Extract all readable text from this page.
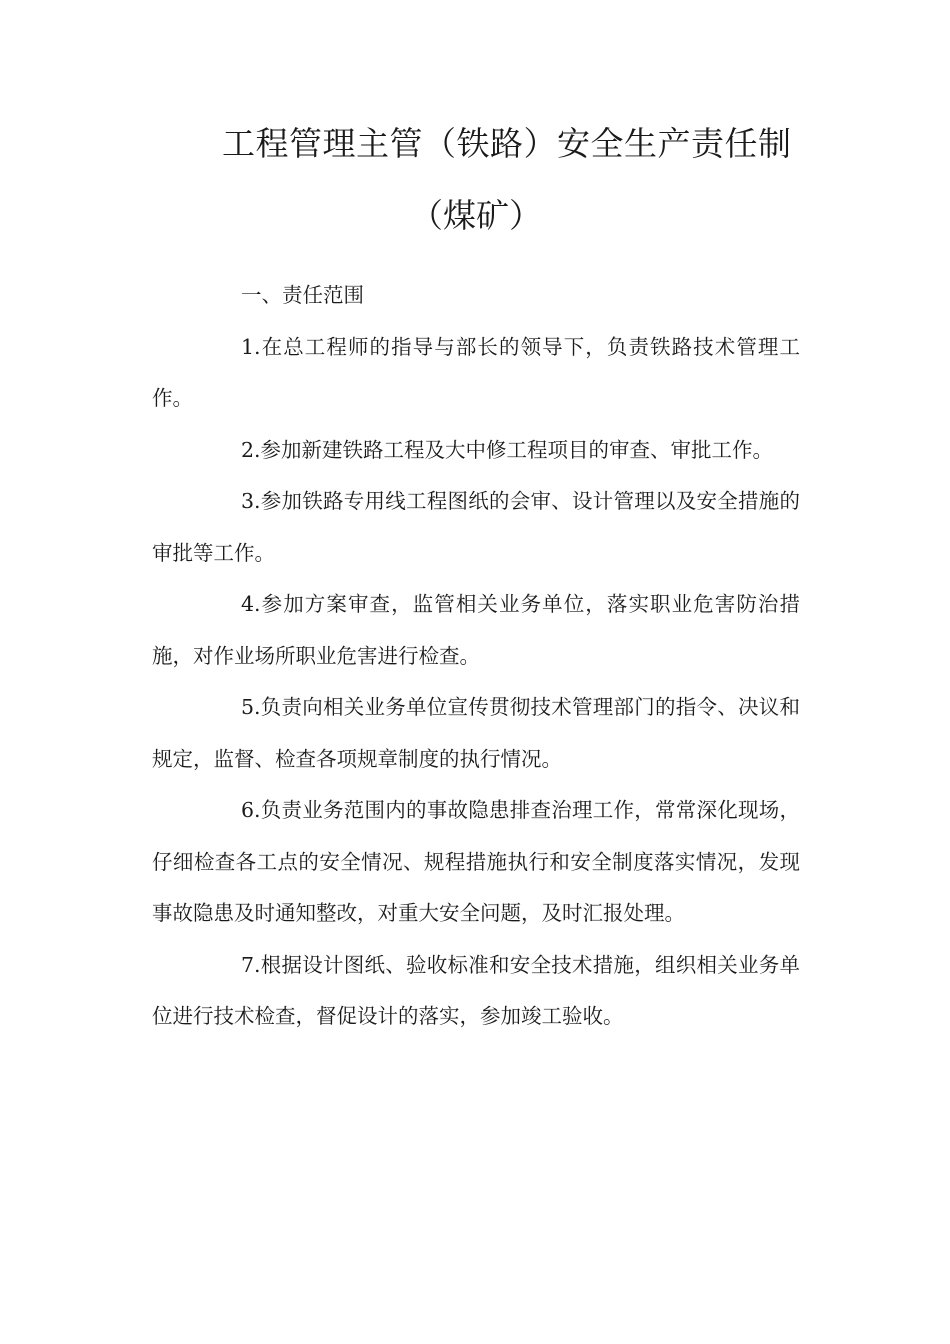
工程管理主管（铁路）安全生产责任制
（煤矿）

一、责任范围

1.在总工程师的指导与部长的领导下，负责铁路技术管理工作。

2.参加新建铁路工程及大中修工程项目的审查、审批工作。

3.参加铁路专用线工程图纸的会审、设计管理以及安全措施的审批等工作。

4.参加方案审查，监管相关业务单位，落实职业危害防治措施，对作业场所职业危害进行检查。

5.负责向相关业务单位宣传贯彻技术管理部门的指令、决议和规定，监督、检查各项规章制度的执行情况。

6.负责业务范围内的事故隐患排查治理工作，常常深化现场，仔细检查各工点的安全情况、规程措施执行和安全制度落实情况，发现事故隐患及时通知整改，对重大安全问题，及时汇报处理。

7.根据设计图纸、验收标准和安全技术措施，组织相关业务单位进行技术检查，督促设计的落实，参加竣工验收。
